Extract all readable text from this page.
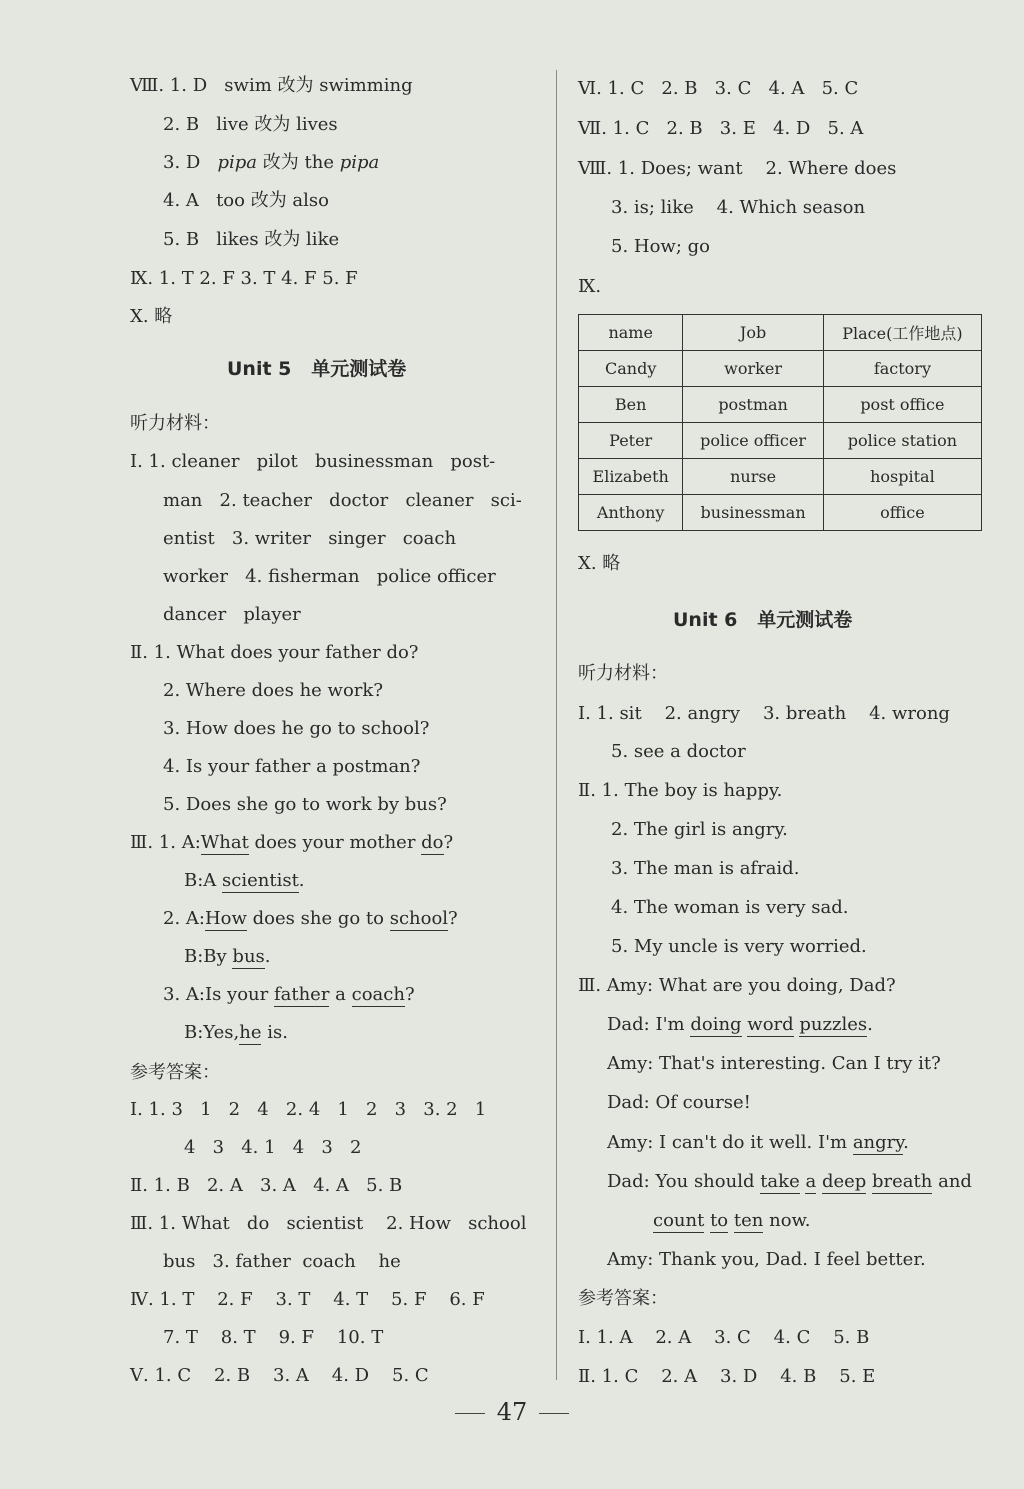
Ⅷ. 1. D swim 改为 swimming
2. B live 改为 lives
3. D pipa 改为 the pipa
4. A too 改为 also
5. B likes 改为 like
Ⅸ. 1. T 2. F 3. T 4. F 5. F
Ⅹ. 略
Unit 5 单元测试卷
听力材料：
Ⅰ. 1. cleaner   pilot   businessman   post-
man   2. teacher   doctor   cleaner   sci-
entist   3. writer   singer   coach
worker   4. fisherman   police officer
dancer   player
Ⅱ. 1. What does your father do?
2. Where does he work?
3. How does he go to school?
4. Is your father a postman?
5. Does she go to work by bus?
Ⅲ. 1. A:What does your mother do?
B:A scientist.
2. A:How does she go to school?
B:By bus.
3. A:Is your father a coach?
B:Yes,he is.
参考答案：
Ⅰ. 1. 3   1   2   4   2. 4   1   2   3   3. 2   1
4   3   4. 1   4   3   2
Ⅱ. 1. B   2. A   3. A   4. A   5. B
Ⅲ. 1. What   do   scientist    2. How   school
bus   3. father  coach    he
Ⅳ. 1. T    2. F    3. T    4. T    5. F    6. F
7. T    8. T    9. F    10. T
Ⅴ. 1. C    2. B    3. A    4. D    5. C
Ⅵ. 1. C   2. B   3. C   4. A   5. C
Ⅶ. 1. C   2. B   3. E   4. D   5. A
Ⅷ. 1. Does; want    2. Where does
3. is; like    4. Which season
5. How; go
Ⅸ.
name	Job	Place(工作地点)
Candy	worker	factory
Ben	postman	post office
Peter	police officer	police station
Elizabeth	nurse	hospital
Anthony	businessman	office
Ⅹ. 略
Unit 6 单元测试卷
听力材料：
Ⅰ. 1. sit    2. angry    3. breath    4. wrong
5. see a doctor
Ⅱ. 1. The boy is happy.
2. The girl is angry.
3. The man is afraid.
4. The woman is very sad.
5. My uncle is very worried.
Ⅲ. Amy: What are you doing, Dad?
Dad: I'm doing word puzzles.
Amy: That's interesting. Can I try it?
Dad: Of course!
Amy: I can't do it well. I'm angry.
Dad: You should take a deep breath and
count to ten now.
Amy: Thank you, Dad. I feel better.
参考答案：
Ⅰ. 1. A    2. A    3. C    4. C    5. B
Ⅱ. 1. C    2. A    3. D    4. B    5. E
47
